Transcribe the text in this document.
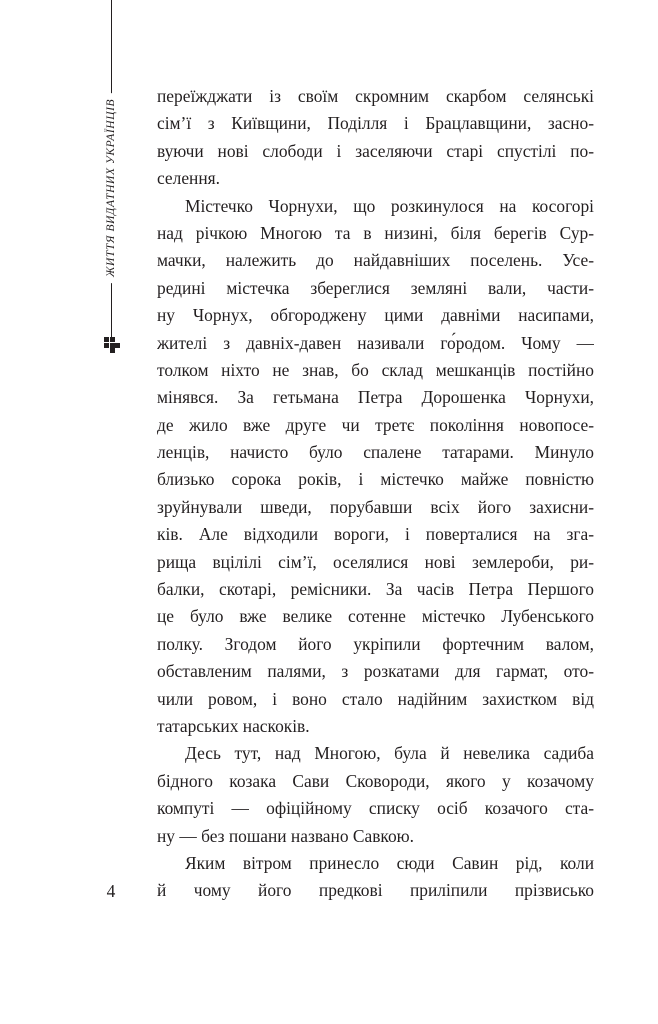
ЖИТТЯ ВИДАТНИХ УКРАЇНЦІВ
переїжджати із своїм скромним скарбом селянські
сім’ї з Київщини, Поділля і Брацлавщини, засно-
вуючи нові слободи і заселяючи старі спустілі по-
селення.
Містечко Чорнухи, що розкинулося на косогорі
над річкою Многою та в низині, біля берегів Сур-
мачки, належить до найдавніших поселень. Усе-
редині містечка збереглися земляні вали, части-
ну Чорнух, обгороджену цими давніми насипами,
жителі з давніх-давен називали го́родом. Чому —
толком ніхто не знав, бо склад мешканців постійно
мінявся. За гетьмана Петра Дорошенка Чорнухи,
де жило вже друге чи третє покоління новопосе-
ленців, начисто було спалене татарами. Минуло
близько сорока років, і містечко майже повністю
зруйнували шведи, порубавши всіх його захисни-
ків. Але відходили вороги, і поверталися на зга-
рища вцілілі сім’ї, оселялися нові землероби, ри-
балки, скотарі, ремісники. За часів Петра Першого
це було вже велике сотенне містечко Лубенського
полку. Згодом його укріпили фортечним валом,
обставленим палями, з розкатами для гармат, ото-
чили ровом, і воно стало надійним захистком від
татарських наскоків.
Десь тут, над Многою, була й невелика садиба
бідного козака Сави Сковороди, якого у козачому
компуті — офіційному списку осіб козачого ста-
ну — без пошани названо Савкою.
Яким вітром принесло сюди Савин рід, коли
й чому його предкові приліпили прізвисько
4
